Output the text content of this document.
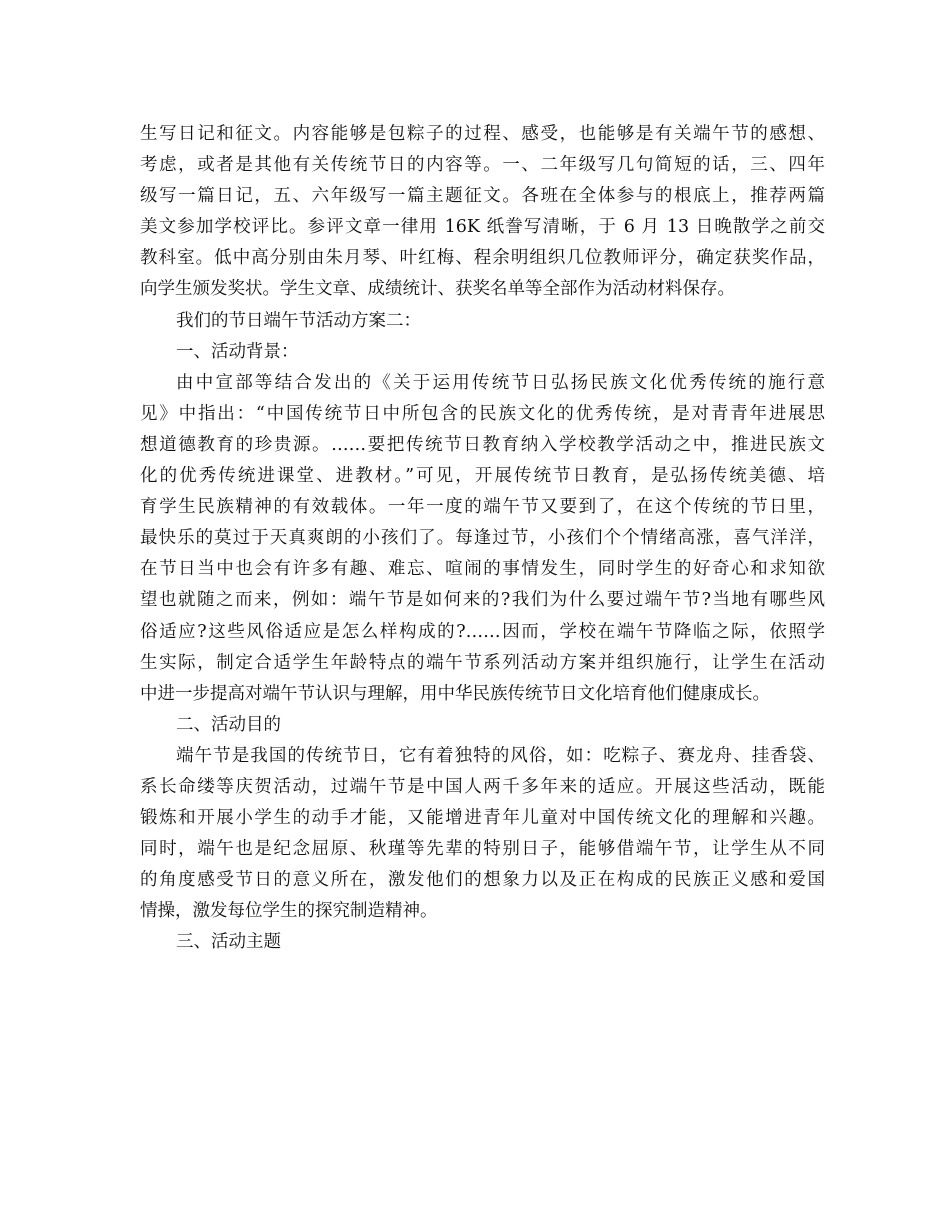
生写日记和征文。内容能够是包粽子的过程、感受，也能够是有关端午节的感想、
考虑，或者是其他有关传统节日的内容等。一、二年级写几句简短的话，三、四年
级写一篇日记，五、六年级写一篇主题征文。各班在全体参与的根底上，推荐两篇
美文参加学校评比。参评文章一律用 16K 纸誊写清晰，于 6 月 13 日晚散学之前交
教科室。低中高分别由朱月琴、叶红梅、程余明组织几位教师评分，确定获奖作品，
向学生颁发奖状。学生文章、成绩统计、获奖名单等全部作为活动材料保存。
我们的节日端午节活动方案二：
一、活动背景：
由中宣部等结合发出的《关于运用传统节日弘扬民族文化优秀传统的施行意
见》中指出：“中国传统节日中所包含的民族文化的优秀传统，是对青青年进展思
想道德教育的珍贵源。……要把传统节日教育纳入学校教学活动之中，推进民族文
化的优秀传统进课堂、进教材。”可见，开展传统节日教育，是弘扬传统美德、培
育学生民族精神的有效载体。一年一度的端午节又要到了，在这个传统的节日里，
最快乐的莫过于天真爽朗的小孩们了。每逢过节，小孩们个个情绪高涨，喜气洋洋，
在节日当中也会有许多有趣、难忘、喧闹的事情发生，同时学生的好奇心和求知欲
望也就随之而来，例如：端午节是如何来的?我们为什么要过端午节?当地有哪些风
俗适应?这些风俗适应是怎么样构成的?……因而，学校在端午节降临之际，依照学
生实际，制定合适学生年龄特点的端午节系列活动方案并组织施行，让学生在活动
中进一步提高对端午节认识与理解，用中华民族传统节日文化培育他们健康成长。
二、活动目的
端午节是我国的传统节日，它有着独特的风俗，如：吃粽子、赛龙舟、挂香袋、
系长命缕等庆贺活动，过端午节是中国人两千多年来的适应。开展这些活动，既能
锻炼和开展小学生的动手才能，又能增进青年儿童对中国传统文化的理解和兴趣。
同时，端午也是纪念屈原、秋瑾等先辈的特别日子，能够借端午节，让学生从不同
的角度感受节日的意义所在，激发他们的想象力以及正在构成的民族正义感和爱国
情操，激发每位学生的探究制造精神。
三、活动主题
